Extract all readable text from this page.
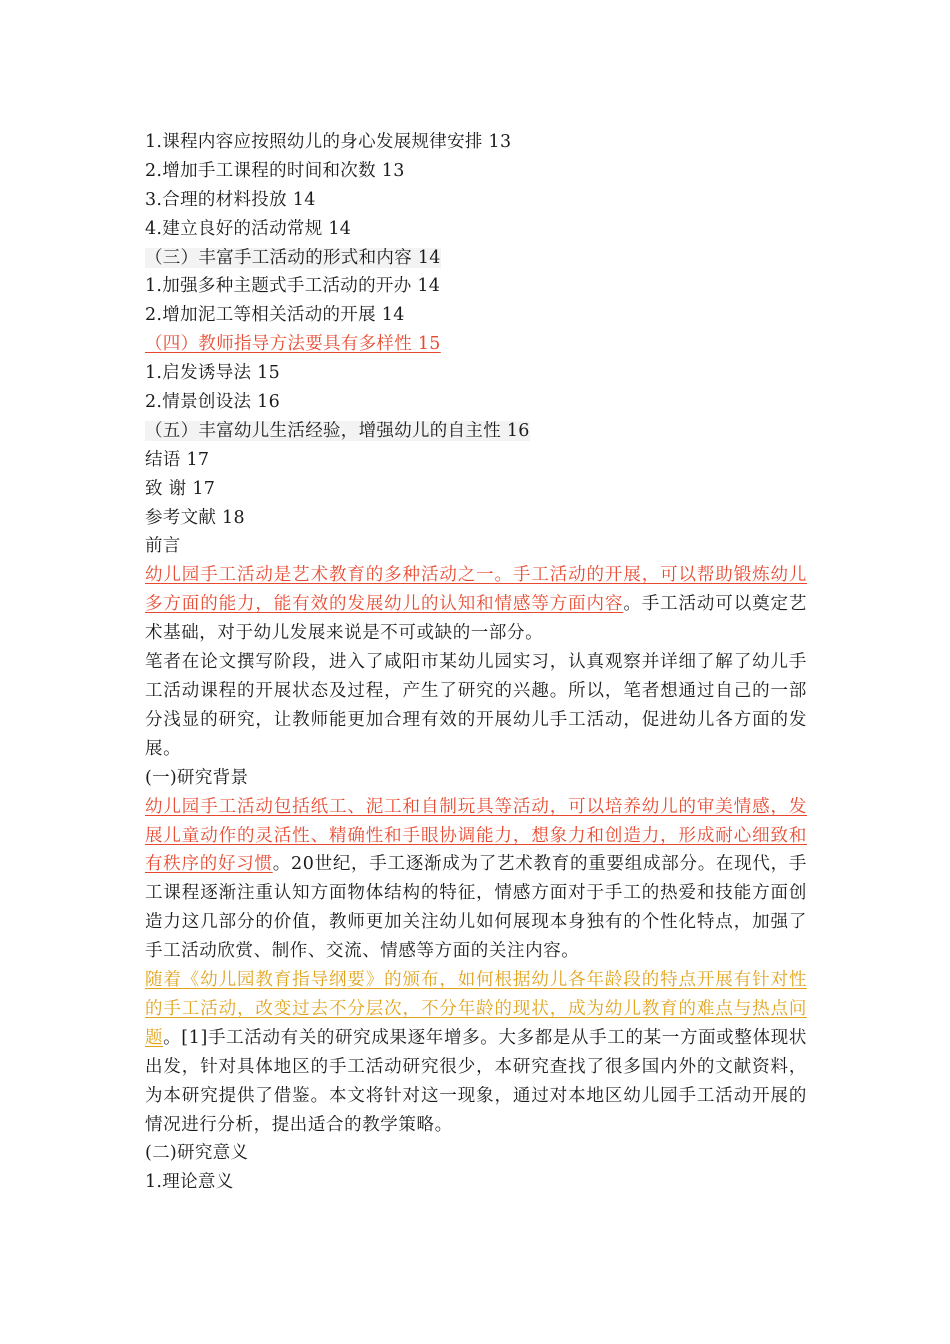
1.课程内容应按照幼儿的身心发展规律安排 13
2.增加手工课程的时间和次数 13
3.合理的材料投放 14
4.建立良好的活动常规 14
（三）丰富手工活动的形式和内容 14
1.加强多种主题式手工活动的开办 14
2.增加泥工等相关活动的开展 14
（四）教师指导方法要具有多样性 15
1.启发诱导法 15
2.情景创设法 16
（五）丰富幼儿生活经验，增强幼儿的自主性 16
结语 17
致 谢 17
参考文献 18
前言
幼儿园手工活动是艺术教育的多种活动之一。手工活动的开展，可以帮助锻炼幼儿多方面的能力，能有效的发展幼儿的认知和情感等方面内容。手工活动可以奠定艺术基础，对于幼儿发展来说是不可或缺的一部分。
笔者在论文撰写阶段，进入了咸阳市某幼儿园实习，认真观察并详细了解了幼儿手工活动课程的开展状态及过程，产生了研究的兴趣。所以，笔者想通过自己的一部分浅显的研究，让教师能更加合理有效的开展幼儿手工活动，促进幼儿各方面的发展。
(一)研究背景
幼儿园手工活动包括纸工、泥工和自制玩具等活动，可以培养幼儿的审美情感，发展儿童动作的灵活性、精确性和手眼协调能力，想象力和创造力，形成耐心细致和有秩序的好习惯。20世纪，手工逐渐成为了艺术教育的重要组成部分。在现代，手工课程逐渐注重认知方面物体结构的特征，情感方面对于手工的热爱和技能方面创造力这几部分的价值，教师更加关注幼儿如何展现本身独有的个性化特点，加强了手工活动欣赏、制作、交流、情感等方面的关注内容。
随着《幼儿园教育指导纲要》的颁布，如何根据幼儿各年龄段的特点开展有针对性的手工活动，改变过去不分层次，不分年龄的现状，成为幼儿教育的难点与热点问题。[1]手工活动有关的研究成果逐年增多。大多都是从手工的某一方面或整体现状出发，针对具体地区的手工活动研究很少，本研究查找了很多国内外的文献资料，为本研究提供了借鉴。本文将针对这一现象，通过对本地区幼儿园手工活动开展的情况进行分析，提出适合的教学策略。
(二)研究意义
1.理论意义
